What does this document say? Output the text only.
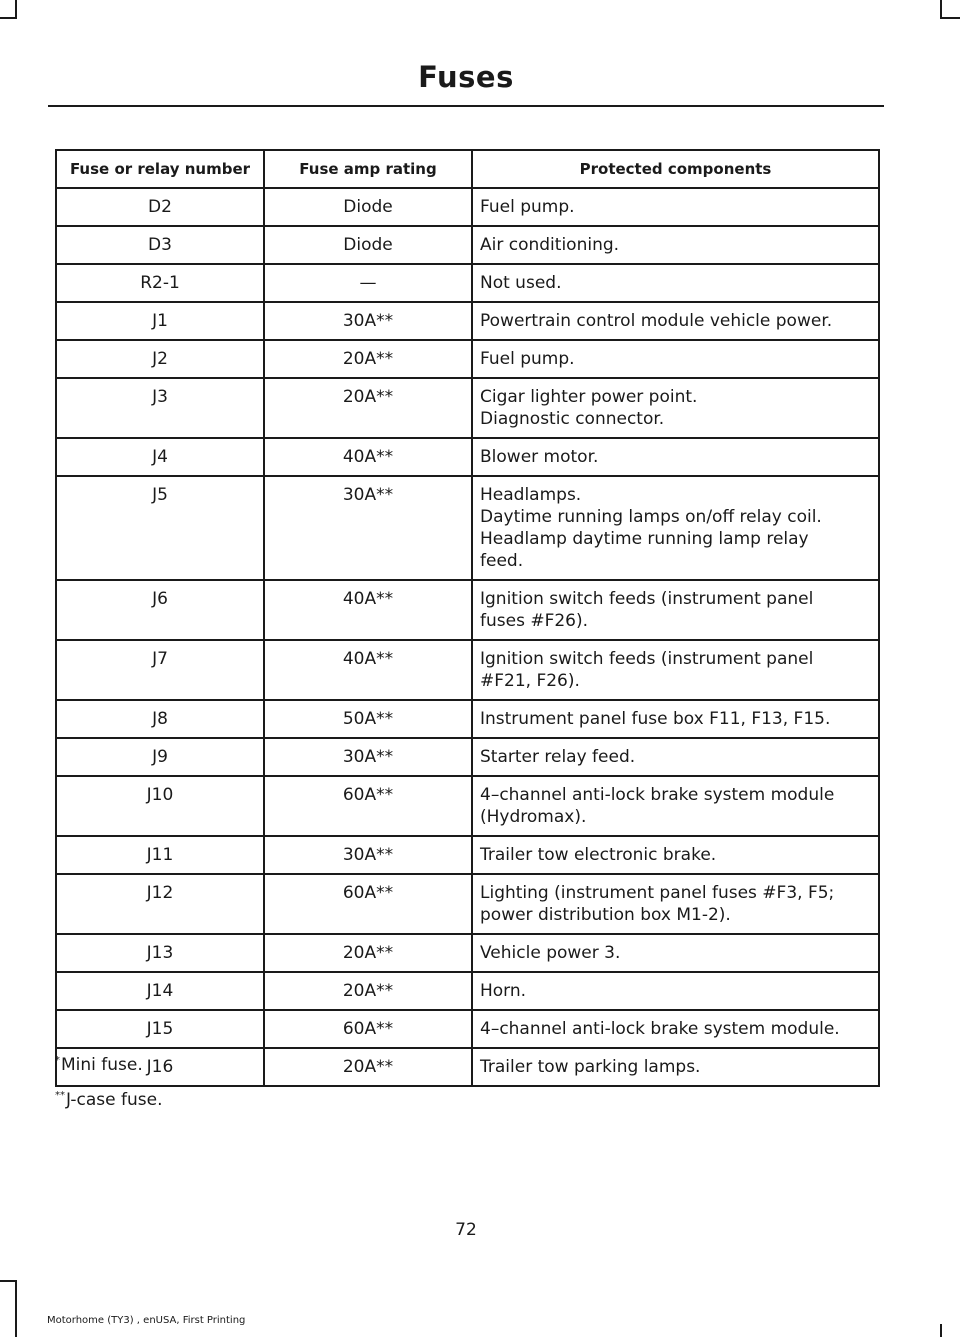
Fuses
Fuse or relay number	Fuse amp rating	Protected components
D2	Diode	Fuel pump.

D3	Diode	Air conditioning.

R2-1	—	Not used.

J1	30A**	Powertrain control module vehicle power.

J2	20A**	Fuel pump.

J3	20A**	Cigar lighter power point.
Diagnostic connector.

J4	40A**	Blower motor.

J5	30A**	Headlamps.
Daytime running lamps on/off relay coil.
Headlamp daytime running lamp relay
feed.

J6	40A**	Ignition switch feeds (instrument panel
fuses #F26).

J7	40A**	Ignition switch feeds (instrument panel
#F21, F26).

J8	50A**	Instrument panel fuse box F11, F13, F15.

J9	30A**	Starter relay feed.

J10	60A**	4–channel anti-lock brake system module
(Hydromax).

J11	30A**	Trailer tow electronic brake.

J12	60A**	Lighting (instrument panel fuses #F3, F5;
power distribution box M1-2).

J13	20A**	Vehicle power 3.

J14	20A**	Horn.

J15	60A**	4–channel anti-lock brake system module.

J16	20A**	Trailer tow parking lamps.
*Mini fuse.
**J-case fuse.
72
Motorhome (TY3) , enUSA, First Printing
